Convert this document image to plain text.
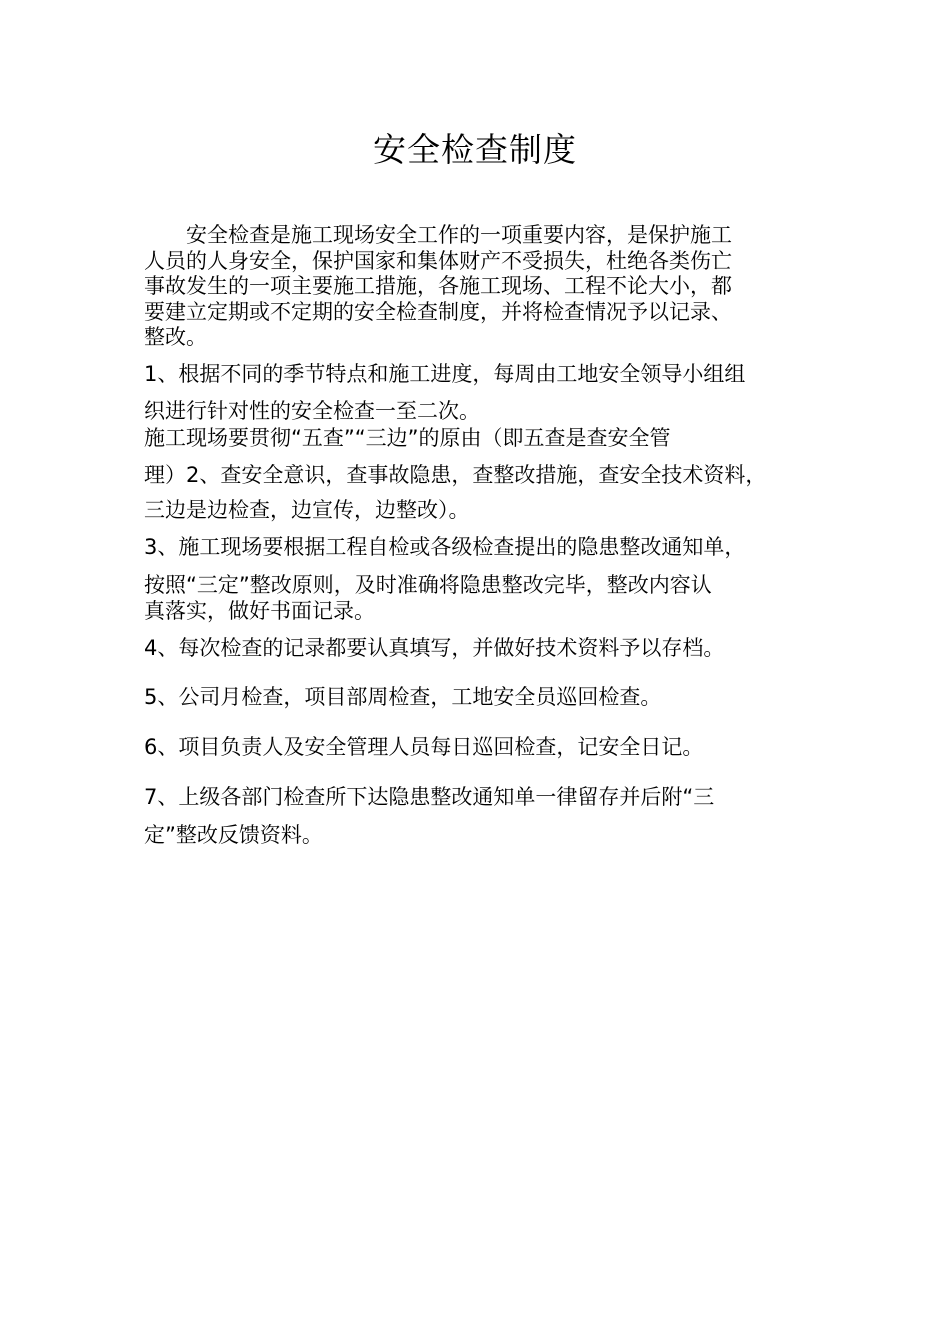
安全检查制度
　　安全检查是施工现场安全工作的一项重要内容，是保护施工
人员的人身安全，保护国家和集体财产不受损失，杜绝各类伤亡
事故发生的一项主要施工措施，各施工现场、工程不论大小，都
要建立定期或不定期的安全检查制度，并将检查情况予以记录、
整改。
1、根据不同的季节特点和施工进度，每周由工地安全领导小组组
织进行针对性的安全检查一至二次。
施工现场要贯彻“五查”“三边”的原由（即五查是查安全管
理）2、查安全意识，查事故隐患，查整改措施，查安全技术资料，
三边是边检查，边宣传，边整改）。
3、施工现场要根据工程自检或各级检查提出的隐患整改通知单，
按照“三定”整改原则，及时准确将隐患整改完毕，整改内容认
真落实，做好书面记录。
4、每次检查的记录都要认真填写，并做好技术资料予以存档。
5、公司月检查，项目部周检查，工地安全员巡回检查。
6、项目负责人及安全管理人员每日巡回检查，记安全日记。
7、上级各部门检查所下达隐患整改通知单一律留存并后附“三
定”整改反馈资料。
